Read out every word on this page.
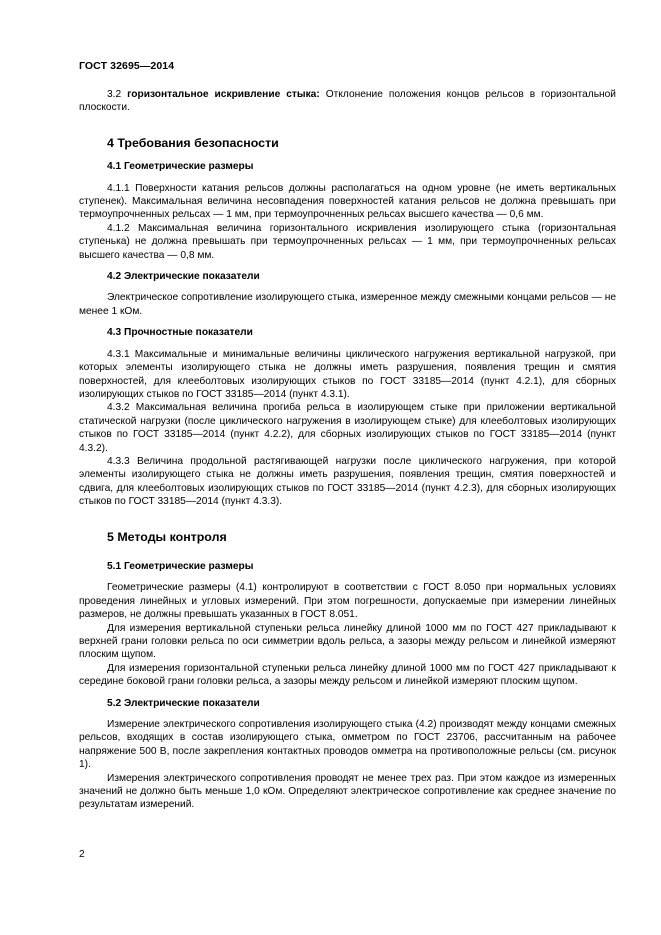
ГОСТ 32695—2014

3.2 горизонтальное искривление стыка: Отклонение положения концов рельсов в горизонтальной плоскости.

4 Требования безопасности
4.1 Геометрические размеры

4.1.1 Поверхности катания рельсов должны располагаться на одном уровне (не иметь вертикальных ступенек). Максимальная величина несовпадения поверхностей катания рельсов не должна превышать при термоупрочненных рельсах — 1 мм, при термоупрочненных рельсах высшего качества — 0,6 мм.

4.1.2 Максимальная величина горизонтального искривления изолирующего стыка (горизонтальная ступенька) не должна превышать при термоупрочненных рельсах — 1 мм, при термоупрочненных рельсах высшего качества — 0,8 мм.

4.2 Электрические показатели

Электрическое сопротивление изолирующего стыка, измеренное между смежными концами рельсов — не менее 1 кОм.

4.3 Прочностные показатели

4.3.1 Максимальные и минимальные величины циклического нагружения вертикальной нагрузкой, при которых элементы изолирующего стыка не должны иметь разрушения, появления трещин и смятия поверхностей, для клееболтовых изолирующих стыков по ГОСТ 33185—2014 (пункт 4.2.1), для сборных изолирующих стыков по ГОСТ 33185—2014 (пункт 4.3.1).

4.3.2 Максимальная величина прогиба рельса в изолирующем стыке при приложении вертикальной статической нагрузки (после циклического нагружения в изолирующем стыке) для клееболтовых изолирующих стыков по ГОСТ 33185—2014 (пункт 4.2.2), для сборных изолирующих стыков по ГОСТ 33185—2014 (пункт 4.3.2).

4.3.3 Величина продольной растягивающей нагрузки после циклического нагружения, при которой элементы изолирующего стыка не должны иметь разрушения, появления трещин, смятия поверхностей и сдвига, для клееболтовых изолирующих стыков по ГОСТ 33185—2014 (пункт 4.2.3), для сборных изолирующих стыков по ГОСТ 33185—2014 (пункт 4.3.3).

5 Методы контроля
5.1 Геометрические размеры

Геометрические размеры (4.1) контролируют в соответствии с ГОСТ 8.050 при нормальных условиях проведения линейных и угловых измерений. При этом погрешности, допускаемые при измерении линейных размеров, не должны превышать указанных в ГОСТ 8.051.

Для измерения вертикальной ступеньки рельса линейку длиной 1000 мм по ГОСТ 427 прикладывают к верхней грани головки рельса по оси симметрии вдоль рельса, а зазоры между рельсом и линейкой измеряют плоским щупом.

Для измерения горизонтальной ступеньки рельса линейку длиной 1000 мм по ГОСТ 427 прикладывают к середине боковой грани головки рельса, а зазоры между рельсом и линейкой измеряют плоским щупом.

5.2 Электрические показатели

Измерение электрического сопротивления изолирующего стыка (4.2) производят между концами смежных рельсов, входящих в состав изолирующего стыка, омметром по ГОСТ 23706, рассчитанным на рабочее напряжение 500 В, после закрепления контактных проводов омметра на противоположные рельсы (см. рисунок 1).

Измерения электрического сопротивления проводят не менее трех раз. При этом каждое из измеренных значений не должно быть меньше 1,0 кОм. Определяют электрическое сопротивление как среднее значение по результатам измерений.

2
